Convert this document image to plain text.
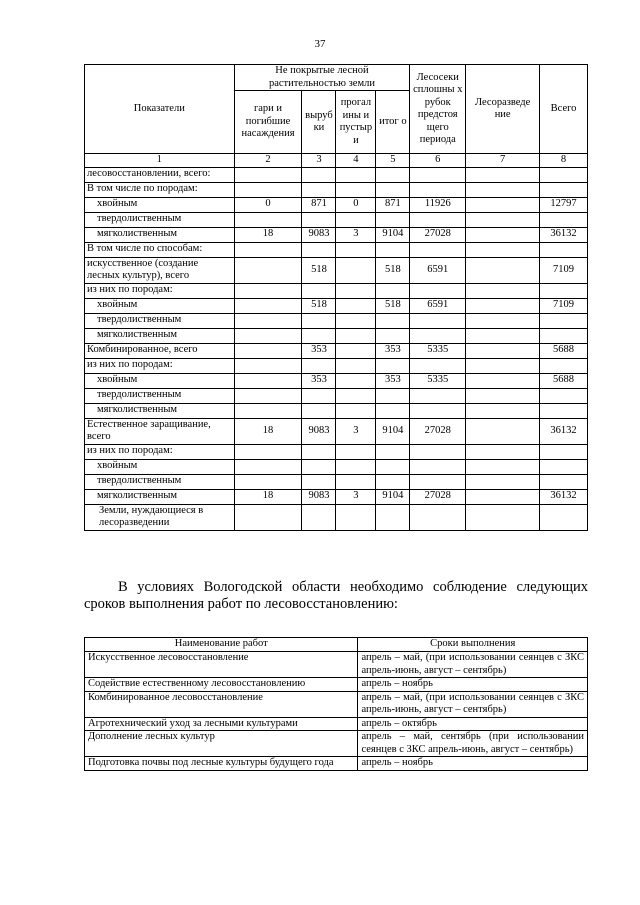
37
Показатели	Не покрытые лесной растительностью земли				Лесосеки сплошны х рубок предстоя щего периода	Лесоразведе ние	Всего
	гари и погибшие насаждения	выруб ки	прогал ины и пустыр и	итог о			
1	2	3	4	5	6	7	8
лесовосстановлении, всего:							
В том числе по породам:							
хвойным	0	871	0	871	11926		12797
твердолиственным							
мягколиственным	18	9083	3	9104	27028		36132
В том числе по способам:							
искусственное (создание лесных культур), всего		518		518	6591		7109
из них по породам:							
хвойным		518		518	6591		7109
твердолиственным							
мягколиственным							
Комбинированное, всего		353		353	5335		5688
из них по породам:							
хвойным		353		353	5335		5688
твердолиственным							
мягколиственным							
Естественное заращивание, всего	18	9083	3	9104	27028		36132
из них по породам:							
хвойным							
твердолиственным							
мягколиственным	18	9083	3	9104	27028		36132
Земли, нуждающиеся в лесоразведении							
В условиях Вологодской области необходимо соблюдение следующих сроков выполнения работ по лесовосстановлению:
Наименование работ	Сроки выполнения
Искусственное лесовосстановление	апрель – май, (при использовании сеянцев с ЗКС апрель-июнь, август – сентябрь)
Содействие естественному лесовосстановлению	апрель – ноябрь
Комбинированное лесовосстановление	апрель – май, (при использовании сеянцев с ЗКС апрель-июнь, август – сентябрь)
Агротехнический уход за лесными культурами	апрель – октябрь
Дополнение лесных культур	апрель – май, сентябрь (при использовании сеянцев с ЗКС апрель-июнь, август – сентябрь)
Подготовка почвы под лесные культуры будущего года	апрель – ноябрь
